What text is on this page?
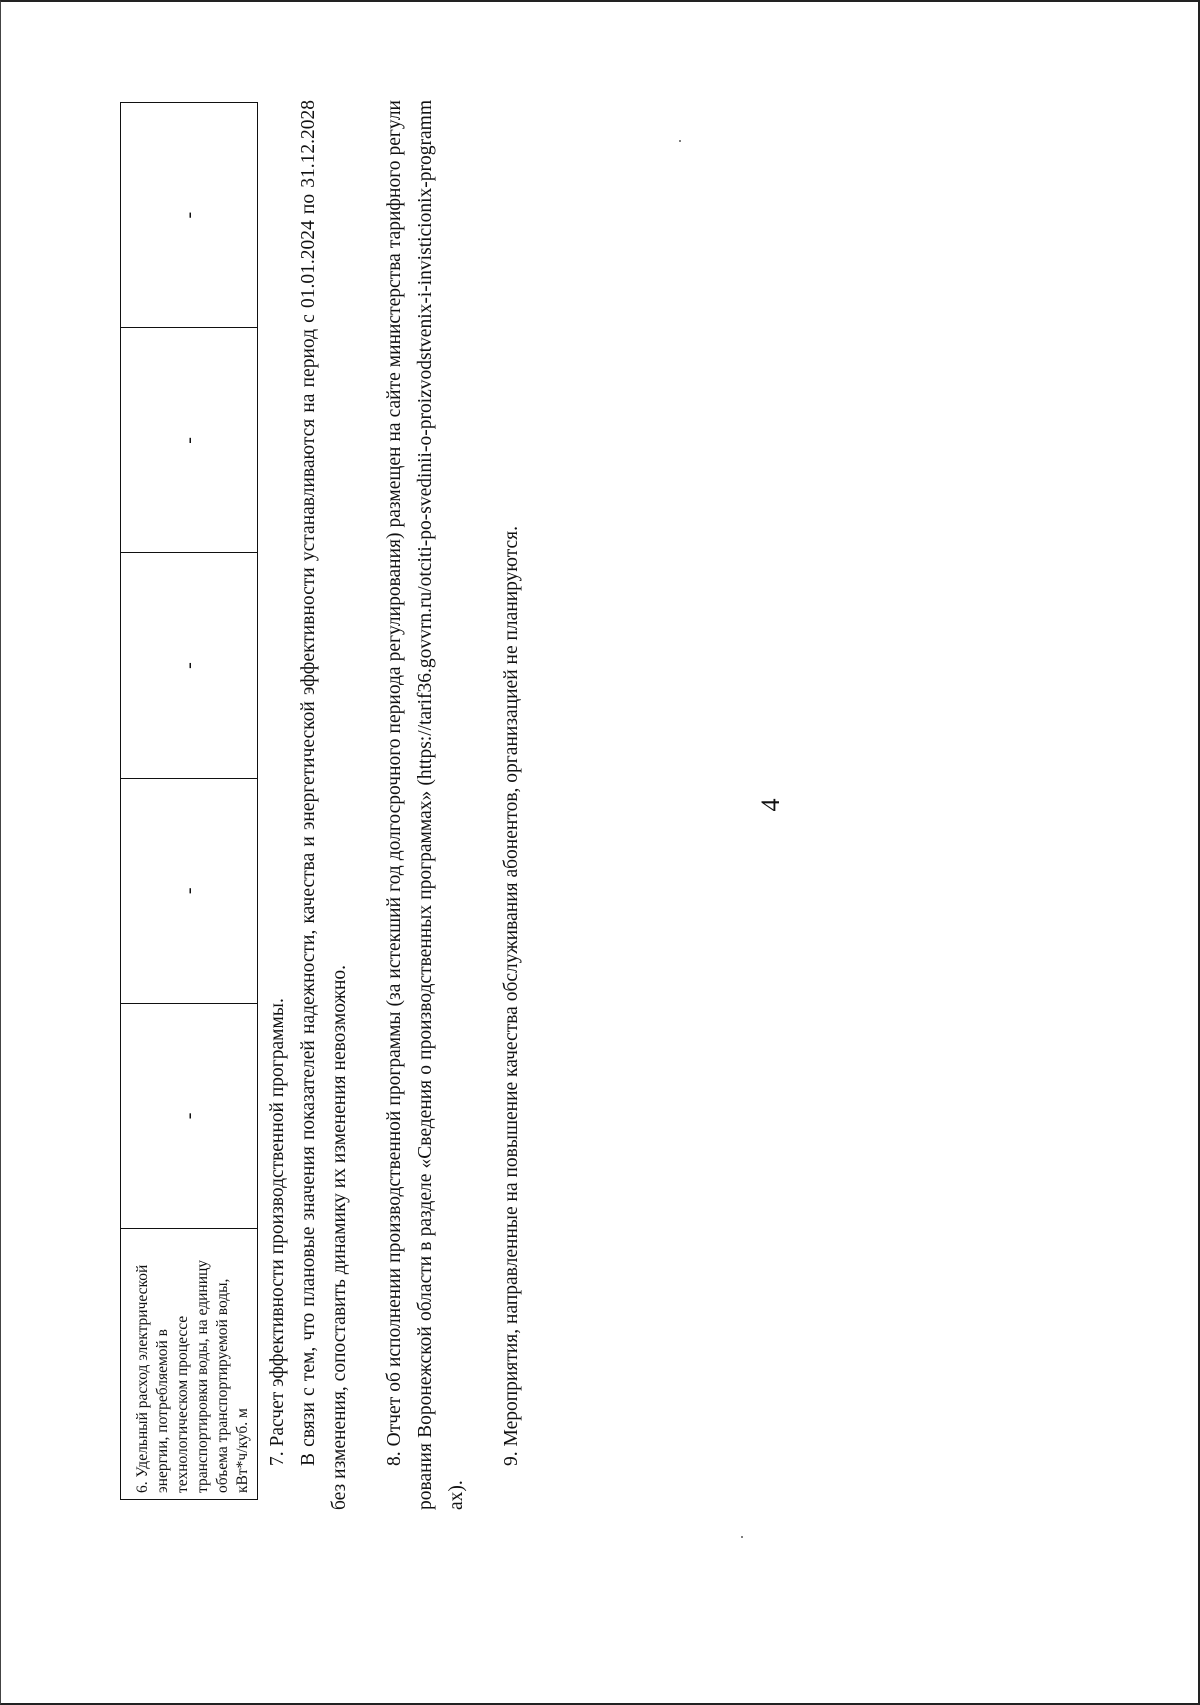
4
6. Удельный расход электрической энергии, потребляемой в технологическом процессе транспортировки воды, на единицу объема транспортируемой воды, кВт*ч/куб. м	-	-	-	-	-

7. Расчет эффективности производственной программы. В связи с тем, что плановые значения показателей надежности, качества и энергетической эффективности устанавливаются на период с 01.01.2024 по 31.12.2028 без изменения, сопоставить динамику их изменения невозможно. 8. Отчет об исполнении производственной программы (за истекший год долгосрочного периода регулирования) размещен на сайте министерства тарифного регулирования Воронежской области в разделе «Сведения о производственных программах» (https://tarif36.govvrn.ru/otciti-po-svedinii-o-proizvodstvenix-i-invisticionix-programmax).

9. Мероприятия, направленные на повышение качества обслуживания абонентов, организацией не планируются.
